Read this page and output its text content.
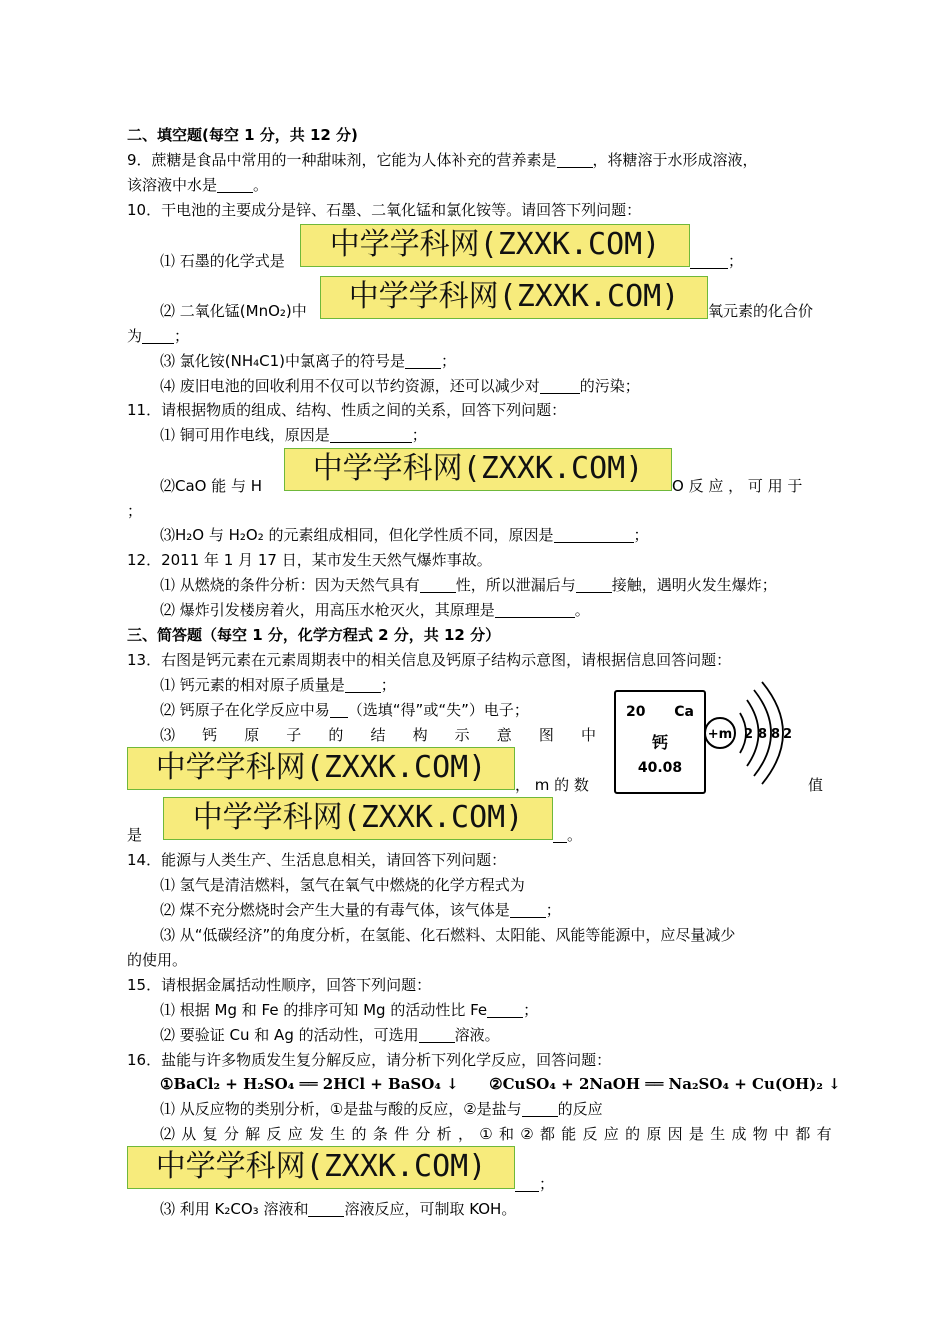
二、填空题(每空 1 分，共 12 分)
9．蔗糖是食品中常用的一种甜味剂，它能为人体补充的营养素是 ，将糖溶于水形成溶液，
该溶液中水是 。
10．干电池的主要成分是锌、石墨、二氧化锰和氯化铵等。请回答下列问题：
⑴ 石墨的化学式是	中学学科网(ZXXK.COM)	；
⑵ 二氧化锰(MnO₂)中	中学学科网(ZXXK.COM)	氧元素的化合价
为 ；
⑶ 氯化铵(NH₄C1)中氯离子的符号是 ；
⑷ 废旧电池的回收利用不仅可以节约资源，还可以减少对	的污染；
11．请根据物质的组成、结构、性质之间的关系，回答下列问题：
⑴ 铜可用作电线，原因是	；
⑵CaO 能 与 H	中学学科网(ZXXK.COM)	O 反 应 ， 可 用 于
；
⑶H₂O 与 H₂O₂ 的元素组成相同，但化学性质不同，原因是	；
12．2011 年 1 月 17 日，某市发生天然气爆炸事故。
⑴ 从燃烧的条件分析：因为天然气具有 性，所以泄漏后与 接触，遇明火发生爆炸；
⑵ 爆炸引发楼房着火，用高压水枪灭火，其原理是	。
三、简答题（每空 1 分，化学方程式 2 分，共 12 分）
13．右图是钙元素在元素周期表中的相关信息及钙原子结构示意图，请根据信息回答问题：
⑴ 钙元素的相对原子质量是 ；
⑵ 钙原子在化学反应中易 （选填“得”或“失”）电子；
⑶ 钙 原 子 的 结 构 示 意 图 中
中学学科网(ZXXK.COM)	， m 的 数	值
是	中学学科网(ZXXK.COM)	。
20 Ca
钙
40.08
+m 2 8 8 2
14．能源与人类生产、生活息息相关，请回答下列问题：
⑴ 氢气是清洁燃料，氢气在氧气中燃烧的化学方程式为
⑵ 煤不充分燃烧时会产生大量的有毒气体，该气体是 ；
⑶ 从“低碳经济”的角度分析，在氢能、化石燃料、太阳能、风能等能源中，应尽量减少
的使用。
15．请根据金属括动性顺序，回答下列问题：
⑴ 根据 Mg 和 Fe 的排序可知 Mg 的活动性比 Fe ；
⑵ 要验证 Cu 和 Ag 的活动性，可选用 溶液。
16．盐能与许多物质发生复分解反应，请分析下列化学反应，回答问题：
①BaCl₂ + H₂SO₄ ══ 2HCl + BaSO₄ ↓ ②CuSO₄ + 2NaOH ══ Na₂SO₄ + Cu(OH)₂ ↓
⑴ 从反应物的类别分析，①是盐与酸的反应，②是盐与 的反应
⑵ 从 复 分 解 反 应 发 生 的 条 件 分 析 ， ① 和 ② 都 能 反 应 的 原 因 是 生 成 物 中 都 有
中学学科网(ZXXK.COM)	；
⑶ 利用 K₂CO₃ 溶液和 溶液反应，可制取 KOH。
